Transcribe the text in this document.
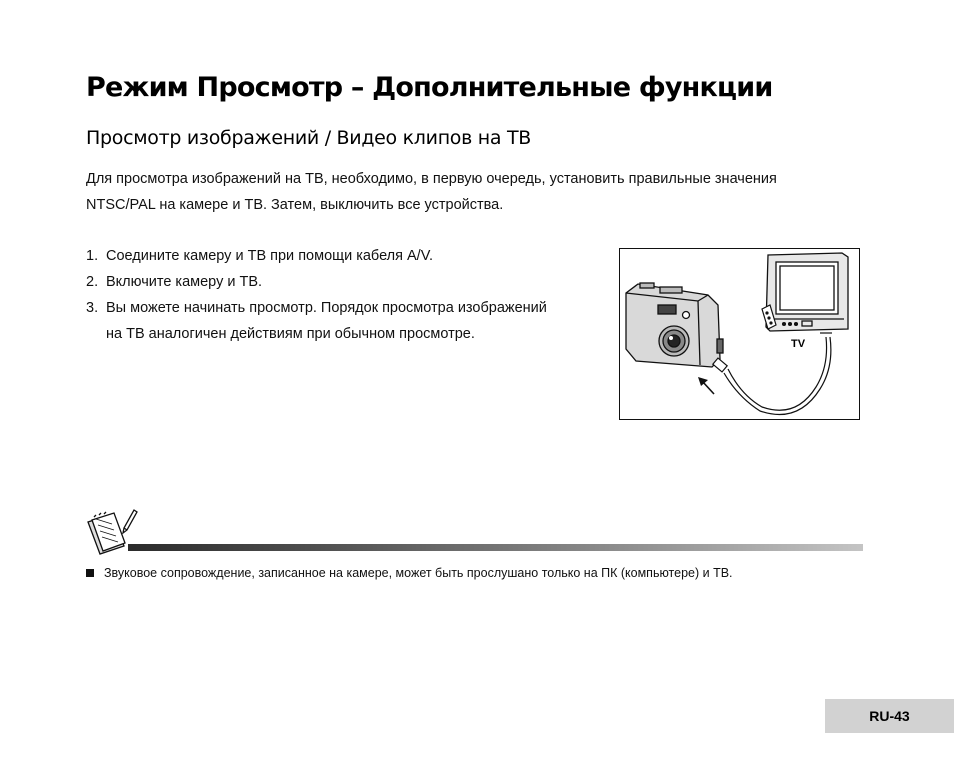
Режим Просмотр – Дополнительные функции
Просмотр изображений / Видео клипов на ТВ

Для просмотра изображений на ТВ, необходимо, в первую очередь, установить правильные значения NTSC/PAL на камере и ТВ. Затем, выключить все устройства.

1. Соедините камеру и ТВ при помощи кабеля A/V.
2. Включите камеру и ТВ.
3. Вы можете начинать просмотр. Порядок просмотра изображений на ТВ аналогичен действиям при обычном просмотре.
TV
Звуковое сопровождение, записанное на камере, может быть прослушано только на ПК (компьютере) и ТВ.
RU-43
